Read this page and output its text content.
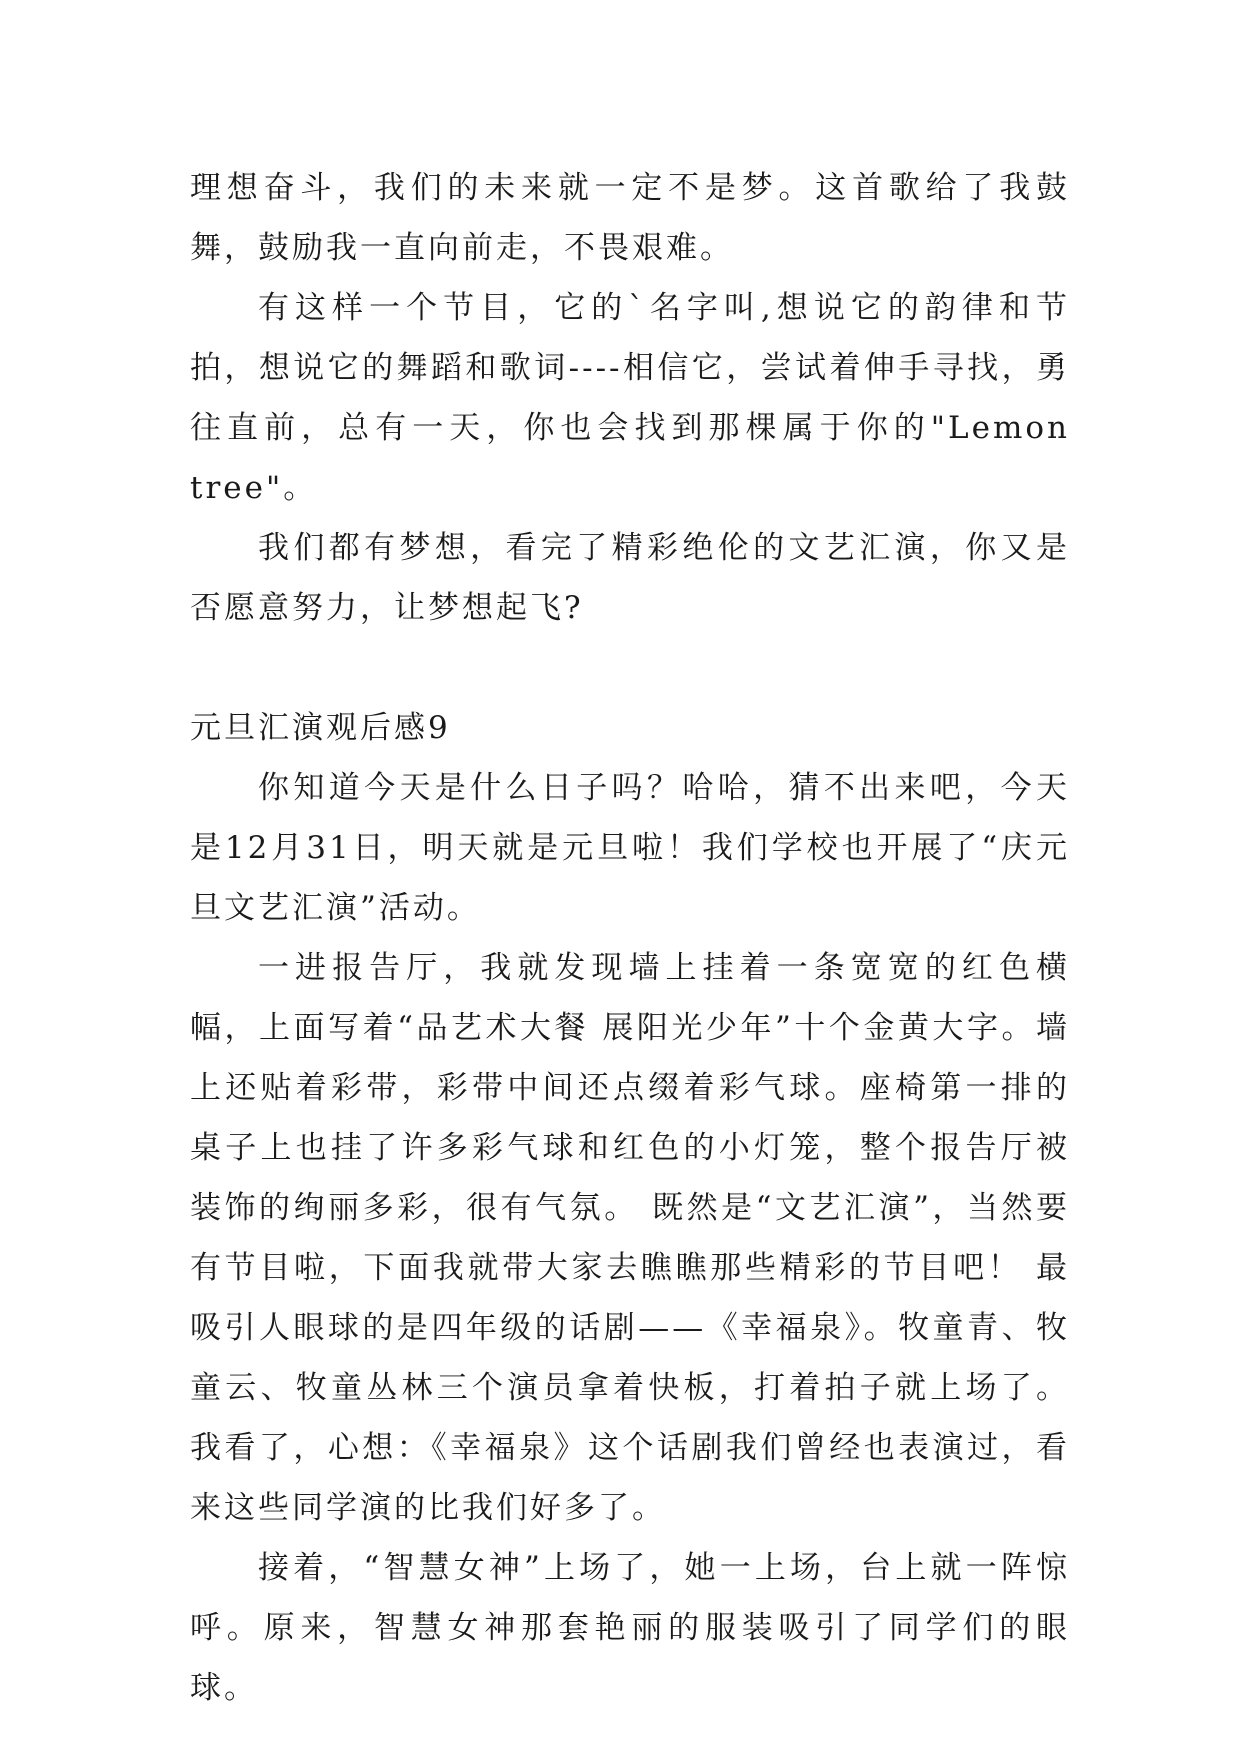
理想奋斗，我们的未来就一定不是梦。这首歌给了我鼓舞，鼓励我一直向前走，不畏艰难。

有这样一个节目，它的`名字叫,想说它的韵律和节拍，想说它的舞蹈和歌词----相信它，尝试着伸手寻找，勇往直前，总有一天，你也会找到那棵属于你的"Lemon tree"。

我们都有梦想，看完了精彩绝伦的文艺汇演，你又是否愿意努力，让梦想起飞?

元旦汇演观后感9

你知道今天是什么日子吗？哈哈，猜不出来吧，今天是12月31日，明天就是元旦啦！我们学校也开展了“庆元旦文艺汇演”活动。

一进报告厅，我就发现墙上挂着一条宽宽的红色横幅，上面写着“品艺术大餐 展阳光少年”十个金黄大字。墙上还贴着彩带，彩带中间还点缀着彩气球。座椅第一排的桌子上也挂了许多彩气球和红色的小灯笼，整个报告厅被装饰的绚丽多彩，很有气氛。 既然是“文艺汇演”，当然要有节目啦，下面我就带大家去瞧瞧那些精彩的节目吧！ 最吸引人眼球的是四年级的话剧——《幸福泉》。牧童青、牧童云、牧童丛林三个演员拿着快板，打着拍子就上场了。我看了，心想：《幸福泉》这个话剧我们曾经也表演过，看来这些同学演的比我们好多了。

接着，“智慧女神”上场了，她一上场，台上就一阵惊呼。原来，智慧女神那套艳丽的服装吸引了同学们的眼球。
